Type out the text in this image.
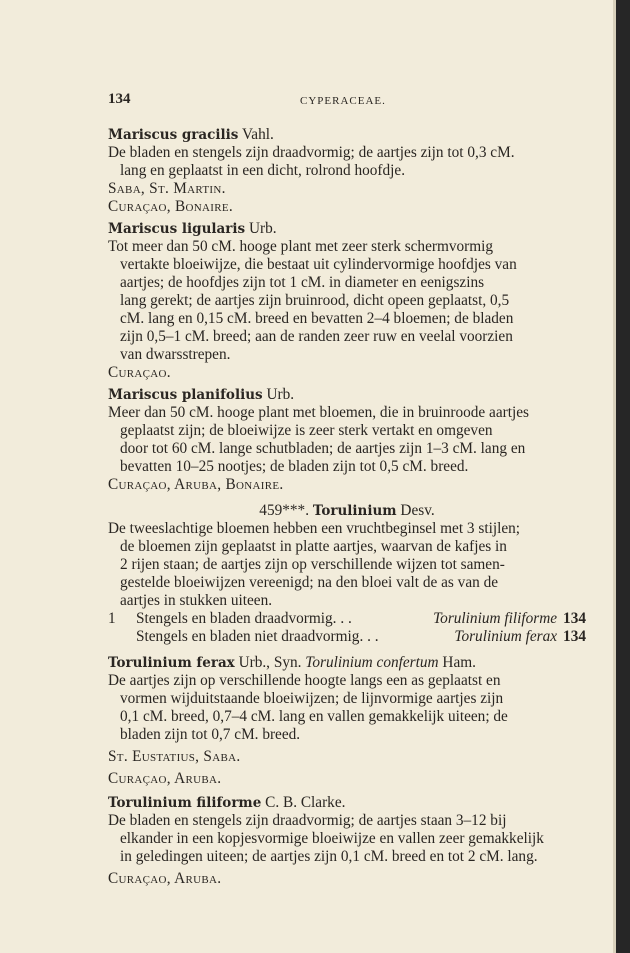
134	CYPERACEAE.
Mariscus gracilis Vahl.
De bladen en stengels zijn draadvormig; de aartjes zijn tot 0,3 cM.
lang en geplaatst in een dicht, rolrond hoofdje.
Saba, St. Martin.
Curaçao, Bonaire.
Mariscus ligularis Urb.
Tot meer dan 50 cM. hooge plant met zeer sterk schermvormig
vertakte bloeiwijze, die bestaat uit cylindervormige hoofdjes van
aartjes; de hoofdjes zijn tot 1 cM. in diameter en eenigszins
lang gerekt; de aartjes zijn bruinrood, dicht opeen geplaatst, 0,5
cM. lang en 0,15 cM. breed en bevatten 2–4 bloemen; de bladen
zijn 0,5–1 cM. breed; aan de randen zeer ruw en veelal voorzien
van dwarsstrepen.
Curaçao.
Mariscus planifolius Urb.
Meer dan 50 cM. hooge plant met bloemen, die in bruinroode aartjes
geplaatst zijn; de bloeiwijze is zeer sterk vertakt en omgeven
door tot 60 cM. lange schutbladen; de aartjes zijn 1–3 cM. lang en
bevatten 10–25 nootjes; de bladen zijn tot 0,5 cM. breed.
Curaçao, Aruba, Bonaire.
459***. Torulinium Desv.
De tweeslachtige bloemen hebben een vruchtbeginsel met 3 stijlen;
de bloemen zijn geplaatst in platte aartjes, waarvan de kafjes in
2 rijen staan; de aartjes zijn op verschillende wijzen tot samen-
gestelde bloeiwijzen vereenigd; na den bloei valt de as van de
aartjes in stukken uiteen.
1 Stengels en bladen draadvormig. . .	Torulinium filiforme 134
Stengels en bladen niet draadvormig. . .	Torulinium ferax 134
Torulinium ferax Urb., Syn. Torulinium confertum Ham.
De aartjes zijn op verschillende hoogte langs een as geplaatst en
vormen wijduitstaande bloeiwijzen; de lijnvormige aartjes zijn
0,1 cM. breed, 0,7–4 cM. lang en vallen gemakkelijk uiteen; de
bladen zijn tot 0,7 cM. breed.
St. Eustatius, Saba.
Curaçao, Aruba.
Torulinium filiforme C. B. Clarke.
De bladen en stengels zijn draadvormig; de aartjes staan 3–12 bij
elkander in een kopjesvormige bloeiwijze en vallen zeer gemakkelijk
in geledingen uiteen; de aartjes zijn 0,1 cM. breed en tot 2 cM. lang.
Curaçao, Aruba.
